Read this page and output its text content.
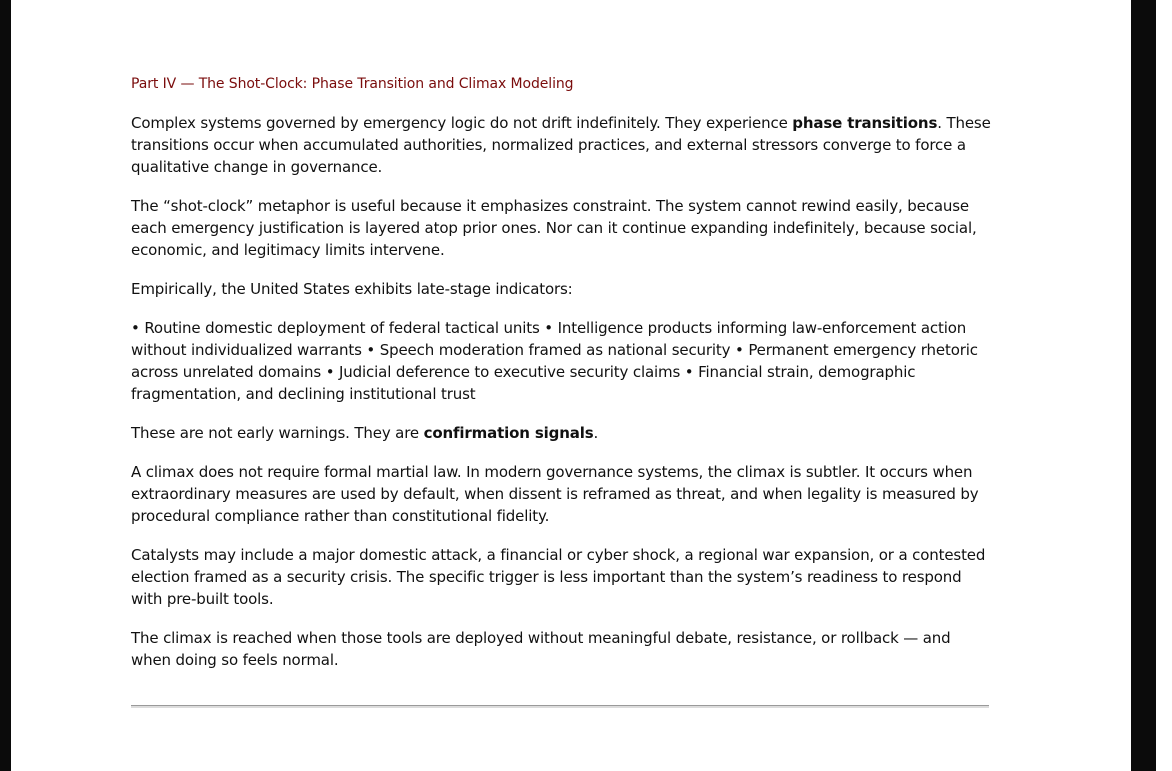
Part IV — The Shot-Clock: Phase Transition and Climax Modeling

Complex systems governed by emergency logic do not drift indefinitely. They experience phase transitions. These transitions occur when accumulated authorities, normalized practices, and external stressors converge to force a qualitative change in governance.

The “shot-clock” metaphor is useful because it emphasizes constraint. The system cannot rewind easily, because each emergency justification is layered atop prior ones. Nor can it continue expanding indefinitely, because social, economic, and legitimacy limits intervene.

Empirically, the United States exhibits late-stage indicators:

• Routine domestic deployment of federal tactical units • Intelligence products informing law-enforcement action without individualized warrants • Speech moderation framed as national security • Permanent emergency rhetoric across unrelated domains • Judicial deference to executive security claims • Financial strain, demographic fragmentation, and declining institutional trust

These are not early warnings. They are confirmation signals.

A climax does not require formal martial law. In modern governance systems, the climax is subtler. It occurs when extraordinary measures are used by default, when dissent is reframed as threat, and when legality is measured by procedural compliance rather than constitutional fidelity.

Catalysts may include a major domestic attack, a financial or cyber shock, a regional war expansion, or a contested election framed as a security crisis. The specific trigger is less important than the system’s readiness to respond with pre-built tools.

The climax is reached when those tools are deployed without meaningful debate, resistance, or rollback — and when doing so feels normal.
